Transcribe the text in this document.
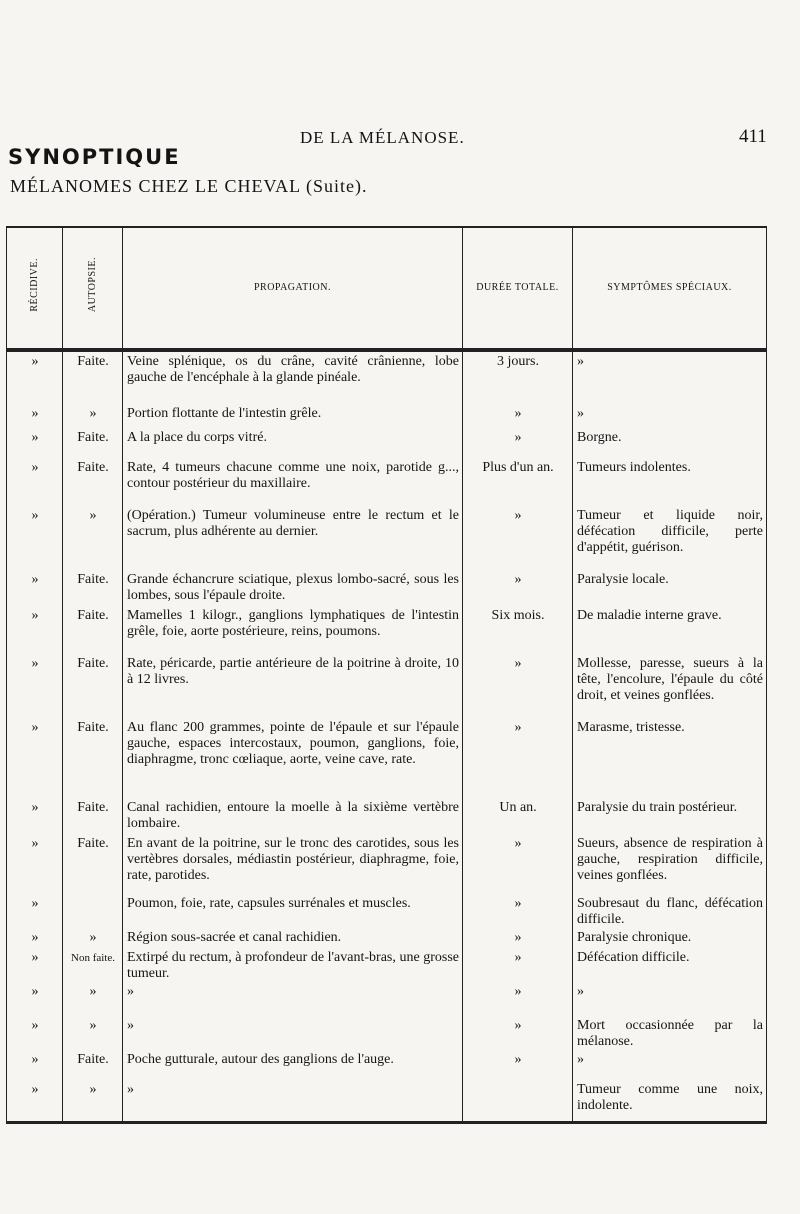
DE LA MÉLANOSE.	411
SYNOPTIQUE
MÉLANOMES CHEZ LE CHEVAL (Suite).
RÉCIDIVE.	AUTOPSIE.	PROPAGATION.	DURÉE TOTALE.	SYMPTÔMES SPÉCIAUX.
»	Faite.	Veine splénique, os du crâne, cavité crânienne, lobe gauche de l'encéphale à la glande pinéale.	3 jours.	»
»	»	Portion flottante de l'intestin grêle.	»	»
»	Faite.	A la place du corps vitré.	»	Borgne.
»	Faite.	Rate, 4 tumeurs chacune comme une noix, parotide g..., contour postérieur du maxillaire.	Plus d'un an.	Tumeurs indolentes.
»	»	(Opération.) Tumeur volumineuse entre le rectum et le sacrum, plus adhérente au dernier.	»	Tumeur et liquide noir, défécation difficile, perte d'appétit, guérison.
»	Faite.	Grande échancrure sciatique, plexus lombo-sacré, sous les lombes, sous l'épaule droite.	»	Paralysie locale.
»	Faite.	Mamelles 1 kilogr., ganglions lymphatiques de l'intestin grêle, foie, aorte postérieure, reins, poumons.	Six mois.	De maladie interne grave.
»	Faite.	Rate, péricarde, partie antérieure de la poitrine à droite, 10 à 12 livres.	»	Mollesse, paresse, sueurs à la tête, l'encolure, l'épaule du côté droit, et veines gonflées.
»	Faite.	Au flanc 200 grammes, pointe de l'épaule et sur l'épaule gauche, espaces intercostaux, poumon, ganglions, foie, diaphragme, tronc cœliaque, aorte, veine cave, rate.	»	Marasme, tristesse.
»	Faite.	Canal rachidien, entoure la moelle à la sixième vertèbre lombaire.	Un an.	Paralysie du train postérieur.
»	Faite.	En avant de la poitrine, sur le tronc des carotides, sous les vertèbres dorsales, médiastin postérieur, diaphragme, foie, rate, parotides.	»	Sueurs, absence de respiration à gauche, respiration difficile, veines gonflées.
»		Poumon, foie, rate, capsules surrénales et muscles.	»	Soubresaut du flanc, défécation difficile.
»	»	Région sous-sacrée et canal rachidien.	»	Paralysie chronique.
»	Non faite.	Extirpé du rectum, à profondeur de l'avant-bras, une grosse tumeur.	»	Défécation difficile.
»	»	»	»	»
»	»	»	»	Mort occasionnée par la mélanose.
»	Faite.	Poche gutturale, autour des ganglions de l'auge.	»	»
»	»	»		Tumeur comme une noix, indolente.
